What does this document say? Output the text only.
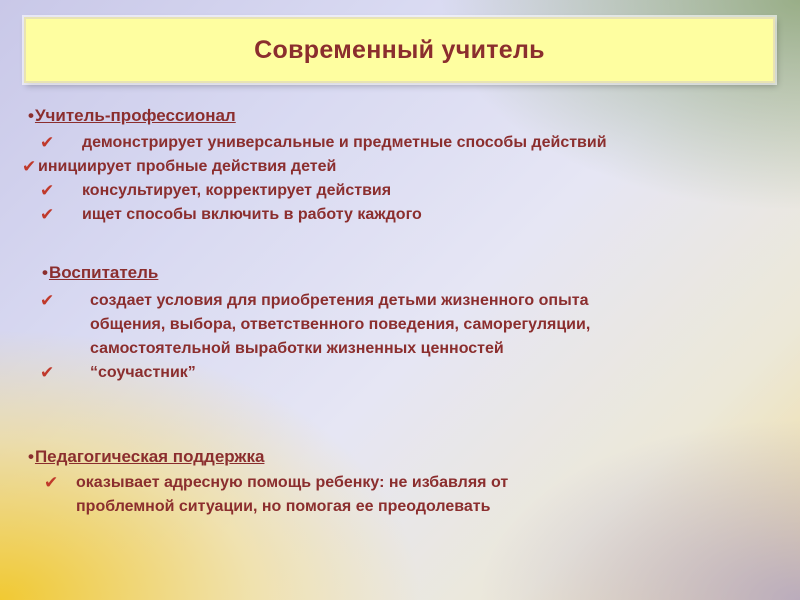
Современный учитель
•Учитель-профессионал
✔ демонстрирует универсальные и предметные способы действий
✔ инициирует пробные действия детей
✔ консультирует, корректирует действия
✔ ищет способы включить в работу каждого
•Воспитатель
✔ создает условия для приобретения детьми жизненного опыта
общения, выбора, ответственного поведения, саморегуляции,
самостоятельной выработки жизненных ценностей
✔ “соучастник”
•Педагогическая поддержка
✔ оказывает адресную помощь ребенку: не избавляя от
проблемной ситуации, но помогая ее преодолевать
